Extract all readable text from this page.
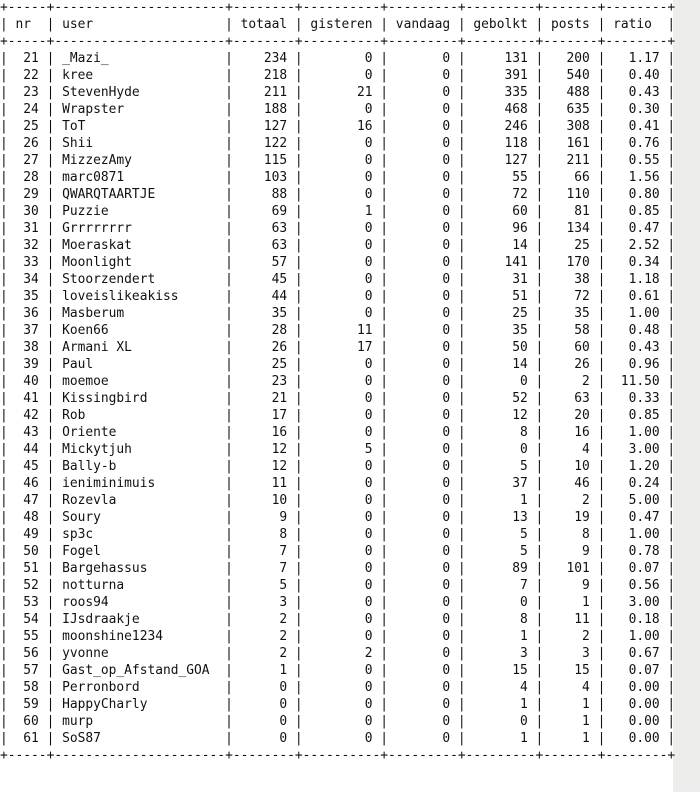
+-----+----------------------+--------+----------+---------+---------+-------+--------+
| nr  | user                 | totaal | gisteren | vandaag | gebolkt | posts | ratio  |
+-----+----------------------+--------+----------+---------+---------+-------+--------+
|  21 | _Mazi_               |    234 |        0 |       0 |     131 |   200 |   1.17 |
|  22 | kree                 |    218 |        0 |       0 |     391 |   540 |   0.40 |
|  23 | StevenHyde           |    211 |       21 |       0 |     335 |   488 |   0.43 |
|  24 | Wrapster             |    188 |        0 |       0 |     468 |   635 |   0.30 |
|  25 | ToT                  |    127 |       16 |       0 |     246 |   308 |   0.41 |
|  26 | Shii                 |    122 |        0 |       0 |     118 |   161 |   0.76 |
|  27 | MizzezAmy            |    115 |        0 |       0 |     127 |   211 |   0.55 |
|  28 | marc0871             |    103 |        0 |       0 |      55 |    66 |   1.56 |
|  29 | QWARQTAARTJE         |     88 |        0 |       0 |      72 |   110 |   0.80 |
|  30 | Puzzie               |     69 |        1 |       0 |      60 |    81 |   0.85 |
|  31 | Grrrrrrrr            |     63 |        0 |       0 |      96 |   134 |   0.47 |
|  32 | Moeraskat            |     63 |        0 |       0 |      14 |    25 |   2.52 |
|  33 | Moonlight            |     57 |        0 |       0 |     141 |   170 |   0.34 |
|  34 | Stoorzendert         |     45 |        0 |       0 |      31 |    38 |   1.18 |
|  35 | loveislikeakiss      |     44 |        0 |       0 |      51 |    72 |   0.61 |
|  36 | Masberum             |     35 |        0 |       0 |      25 |    35 |   1.00 |
|  37 | Koen66               |     28 |       11 |       0 |      35 |    58 |   0.48 |
|  38 | Armani XL            |     26 |       17 |       0 |      50 |    60 |   0.43 |
|  39 | Paul                 |     25 |        0 |       0 |      14 |    26 |   0.96 |
|  40 | moemoe               |     23 |        0 |       0 |       0 |     2 |  11.50 |
|  41 | Kissingbird          |     21 |        0 |       0 |      52 |    63 |   0.33 |
|  42 | Rob                  |     17 |        0 |       0 |      12 |    20 |   0.85 |
|  43 | Oriente              |     16 |        0 |       0 |       8 |    16 |   1.00 |
|  44 | Mickytjuh            |     12 |        5 |       0 |       0 |     4 |   3.00 |
|  45 | Bally-b              |     12 |        0 |       0 |       5 |    10 |   1.20 |
|  46 | ieniminimuis         |     11 |        0 |       0 |      37 |    46 |   0.24 |
|  47 | Rozevla              |     10 |        0 |       0 |       1 |     2 |   5.00 |
|  48 | Soury                |      9 |        0 |       0 |      13 |    19 |   0.47 |
|  49 | sp3c                 |      8 |        0 |       0 |       5 |     8 |   1.00 |
|  50 | Fogel                |      7 |        0 |       0 |       5 |     9 |   0.78 |
|  51 | Bargehassus          |      7 |        0 |       0 |      89 |   101 |   0.07 |
|  52 | notturna             |      5 |        0 |       0 |       7 |     9 |   0.56 |
|  53 | roos94               |      3 |        0 |       0 |       0 |     1 |   3.00 |
|  54 | IJsdraakje           |      2 |        0 |       0 |       8 |    11 |   0.18 |
|  55 | moonshine1234        |      2 |        0 |       0 |       1 |     2 |   1.00 |
|  56 | yvonne               |      2 |        2 |       0 |       3 |     3 |   0.67 |
|  57 | Gast_op_Afstand_GOA  |      1 |        0 |       0 |      15 |    15 |   0.07 |
|  58 | Perronbord           |      0 |        0 |       0 |       4 |     4 |   0.00 |
|  59 | HappyCharly          |      0 |        0 |       0 |       1 |     1 |   0.00 |
|  60 | murp                 |      0 |        0 |       0 |       0 |     1 |   0.00 |
|  61 | SoS87                |      0 |        0 |       0 |       1 |     1 |   0.00 |
+-----+----------------------+--------+----------+---------+---------+-------+--------+
